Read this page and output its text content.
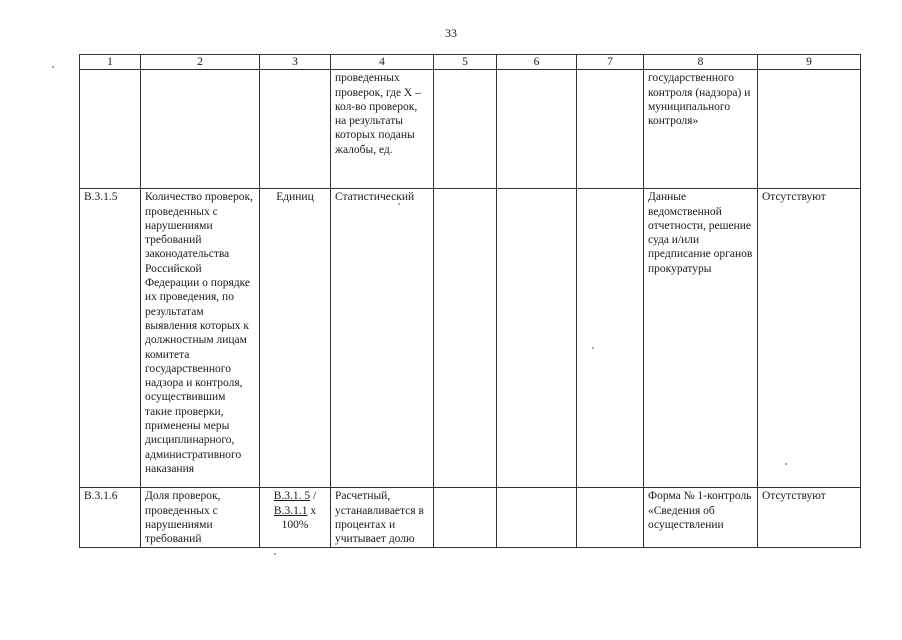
33
1	2	3	4	5	6	7	8	9
			проведенных проверок, где X – кол-во проверок, на результаты которых поданы жалобы, ед.				государственного контроля (надзора) и муниципального контроля»	
В.3.1.5	Количество проверок, проведенных с нарушениями требований законодательства Российской Федерации о порядке их проведения, по результатам выявления которых к должностным лицам комитета государственного надзора и контроля, осуществившим такие проверки, применены меры дисциплинарного, административного наказания	Единиц	Статистический				Данные ведомственной отчетности, решение суда и/или предписание органов прокуратуры	Отсутствуют
В.3.1.6	Доля проверок, проведенных с нарушениями требований	В.3.1. 5 / В.3.1.1 х 100%	Расчетный, устанавливается в процентах и учитывает долю				Форма № 1-контроль «Сведения об осуществлении	Отсутствуют
